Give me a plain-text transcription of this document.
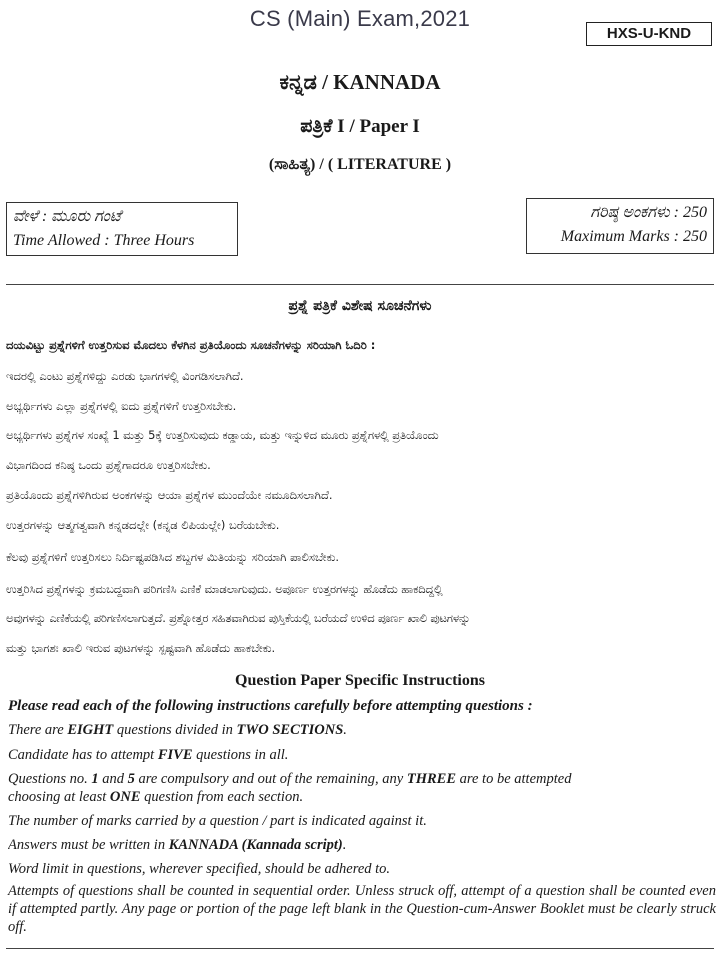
CS (Main) Exam,2021
HXS-U-KND
ಕನ್ನಡ / KANNADA
ಪತ್ರಿಕೆ I / Paper I
(ಸಾಹಿತ್ಯ) / ( LITERATURE )
ವೇಳೆ : ಮೂರು ಗಂಟೆ
Time Allowed : Three Hours
ಗರಿಷ್ಠ ಅಂಕಗಳು : 250
Maximum Marks : 250
ಪ್ರಶ್ನೆ ಪತ್ರಿಕೆ ವಿಶೇಷ ಸೂಚನೆಗಳು
ದಯವಿಟ್ಟು ಪ್ರಶ್ನೆಗಳಿಗೆ ಉತ್ತರಿಸುವ ಮೊದಲು ಕೆಳಗಿನ ಪ್ರತಿಯೊಂದು ಸೂಚನೆಗಳನ್ನು ಸರಿಯಾಗಿ ಓದಿರಿ :
ಇದರಲ್ಲಿ ಎಂಟು ಪ್ರಶ್ನೆಗಳಿದ್ದು ಎರಡು ಭಾಗಗಳಲ್ಲಿ ವಿಂಗಡಿಸಲಾಗಿದೆ.
ಅಭ್ಯರ್ಥಿಗಳು ಎಲ್ಲಾ ಪ್ರಶ್ನೆಗಳಲ್ಲಿ ಐದು ಪ್ರಶ್ನೆಗಳಿಗೆ ಉತ್ತರಿಸಬೇಕು.
ಅಭ್ಯರ್ಥಿಗಳು ಪ್ರಶ್ನೆಗಳ ಸಂಖ್ಯೆ 1 ಮತ್ತು 5ಕ್ಕೆ ಉತ್ತರಿಸುವುದು ಕಡ್ಡಾಯ, ಮತ್ತು ಇನ್ನುಳಿದ ಮೂರು ಪ್ರಶ್ನೆಗಳಲ್ಲಿ ಪ್ರತಿಯೊಂದು
ವಿಭಾಗದಿಂದ ಕನಿಷ್ಠ ಒಂದು ಪ್ರಶ್ನೆಗಾದರೂ ಉತ್ತರಿಸಬೇಕು.
ಪ್ರತಿಯೊಂದು ಪ್ರಶ್ನೆಗಳಿಗಿರುವ ಅಂಕಗಳನ್ನು ಆಯಾ ಪ್ರಶ್ನೆಗಳ ಮುಂದೆಯೇ ನಮೂದಿಸಲಾಗಿದೆ.
ಉತ್ತರಗಳನ್ನು ಆತ್ಮಗತ್ವವಾಗಿ ಕನ್ನಡದಲ್ಲೇ (ಕನ್ನಡ ಲಿಪಿಯಲ್ಲೇ) ಬರೆಯಬೇಕು.
ಕೆಲವು ಪ್ರಶ್ನೆಗಳಿಗೆ ಉತ್ತರಿಸಲು ನಿರ್ದಿಷ್ಟಪಡಿಸಿದ ಶಬ್ದಗಳ ಮಿತಿಯನ್ನು ಸರಿಯಾಗಿ ಪಾಲಿಸಬೇಕು.
ಉತ್ತರಿಸಿದ ಪ್ರಶ್ನೆಗಳನ್ನು ಕ್ರಮಬದ್ಧವಾಗಿ ಪರಿಗಣಿಸಿ ಎಣಿಕೆ ಮಾಡಲಾಗುವುದು. ಅಪೂರ್ಣ ಉತ್ತರಗಳನ್ನು ಹೊಡೆದು ಹಾಕದಿದ್ದಲ್ಲಿ
ಅವುಗಳನ್ನು ಎಣಿಕೆಯಲ್ಲಿ ಪರಿಗಣಿಸಲಾಗುತ್ತದೆ. ಪ್ರಶ್ನೋತ್ತರ ಸಹಿತವಾಗಿರುವ ಪುಸ್ತಿಕೆಯಲ್ಲಿ ಬರೆಯದೆ ಉಳಿದ ಪೂರ್ಣ ಖಾಲಿ ಪುಟಗಳನ್ನು
ಮತ್ತು ಭಾಗಶಃ ಖಾಲಿ ಇರುವ ಪುಟಗಳನ್ನು ಸ್ಪಷ್ಟವಾಗಿ ಹೊಡೆದು ಹಾಕಬೇಕು.
Question Paper Specific Instructions
Please read each of the following instructions carefully before attempting questions :
There are EIGHT questions divided in TWO SECTIONS.
Candidate has to attempt FIVE questions in all.
Questions no. 1 and 5 are compulsory and out of the remaining, any THREE are to be attempted
choosing at least ONE question from each section.
The number of marks carried by a question / part is indicated against it.
Answers must be written in KANNADA (Kannada script).
Word limit in questions, wherever specified, should be adhered to.
Attempts of questions shall be counted in sequential order. Unless struck off, attempt of a question shall be counted even if attempted partly. Any page or portion of the page left blank in the Question-cum-Answer Booklet must be clearly struck off.
